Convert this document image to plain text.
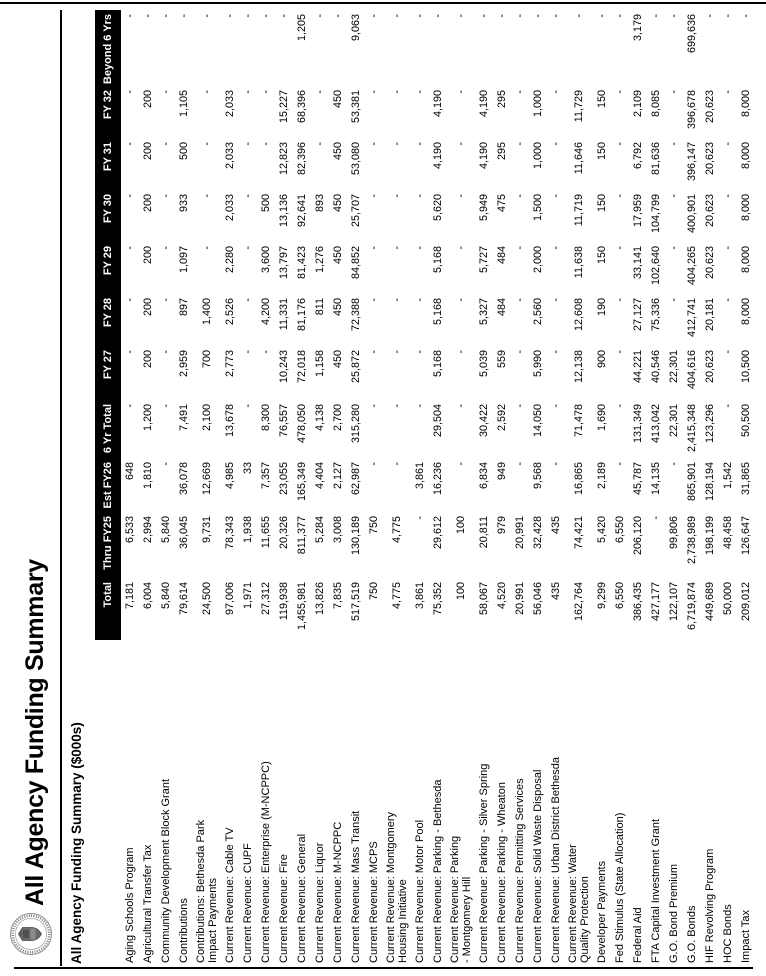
All Agency Funding Summary All Agency Funding Summary ($000s)
	Total	Thru FY25	Est FY26	6 Yr Total	FY 27	FY 28	FY 29	FY 30	FY 31	FY 32	Beyond 6 Yrs
Aging Schools Program	7,181	6,533	648	-	-	-	-	-	-	-	-
Agricultural Transfer Tax	6,004	2,994	1,810	1,200	200	200	200	200	200	200	-
Community Development Block Grant	5,840	5,840	-	-	-	-	-	-	-	-	-
Contributions	79,614	36,045	36,078	7,491	2,959	897	1,097	933	500	1,105	-
Contributions: Bethesda Park
Impact Payments	24,500	9,731	12,669	2,100	700	1,400	-	-	-	-	-
Current Revenue: Cable TV	97,006	78,343	4,985	13,678	2,773	2,526	2,280	2,033	2,033	2,033	-
Current Revenue: CUPF	1,971	1,938	33	-	-	-	-	-	-	-	-
Current Revenue: Enterprise (M-NCPPC)	27,312	11,655	7,357	8,300	-	4,200	3,600	500	-	-	-
Current Revenue: Fire	119,938	20,326	23,055	76,557	10,243	11,331	13,797	13,136	12,823	15,227	-
Current Revenue: General	1,455,981	811,377	165,349	478,050	72,018	81,176	81,423	92,641	82,396	68,396	1,205
Current Revenue: Liquor	13,826	5,284	4,404	4,138	1,158	811	1,276	893	-	-	-
Current Revenue: M-NCPPC	7,835	3,008	2,127	2,700	450	450	450	450	450	450	-
Current Revenue: Mass Transit	517,519	130,189	62,987	315,280	25,872	72,388	84,852	25,707	53,080	53,381	9,063
Current Revenue: MCPS	750	750	-	-	-	-	-	-	-	-	-
Current Revenue: Montgomery
Housing Initiative	4,775	4,775	-	-	-	-	-	-	-	-	-
Current Revenue: Motor Pool	3,861	-	3,861	-	-	-	-	-	-	-	-
Current Revenue: Parking - Bethesda	75,352	29,612	16,236	29,504	5,168	5,168	5,168	5,620	4,190	4,190	-
Current Revenue: Parking
- Montgomery Hill	100	100	-	-	-	-	-	-	-	-	-
Current Revenue: Parking - Silver Spring	58,067	20,811	6,834	30,422	5,039	5,327	5,727	5,949	4,190	4,190	-
Current Revenue: Parking - Wheaton	4,520	979	949	2,592	559	484	484	475	295	295	-
Current Revenue: Permitting Services	20,991	20,991	-	-	-	-	-	-	-	-	-
Current Revenue: Solid Waste Disposal	56,046	32,428	9,568	14,050	5,990	2,560	2,000	1,500	1,000	1,000	-
Current Revenue: Urban District Bethesda	435	435	-	-	-	-	-	-	-	-	-
Current Revenue: Water
Quality Protection	162,764	74,421	16,865	71,478	12,138	12,608	11,638	11,719	11,646	11,729	-
Developer Payments	9,299	5,420	2,189	1,690	900	190	150	150	150	150	-
Fed Stimulus (State Allocation)	6,550	6,550	-	-	-	-	-	-	-	-	-
Federal Aid	386,435	206,120	45,787	131,349	44,221	27,127	33,141	17,959	6,792	2,109	3,179
FTA Capital Investment Grant	427,177	-	14,135	413,042	40,546	75,336	102,640	104,799	81,636	8,085	-
G.O. Bond Premium	122,107	99,806	-	22,301	22,301	-	-	-	-	-	-
G.O. Bonds	6,719,874	2,738,989	865,901	2,415,348	404,616	412,741	404,265	400,901	396,147	396,678	699,636
HIF Revolving Program	449,689	198,199	128,194	123,296	20,623	20,181	20,623	20,623	20,623	20,623	-
HOC Bonds	50,000	48,458	1,542	-	-	-	-	-	-	-	-
Impact Tax	209,012	126,647	31,865	50,500	10,500	8,000	8,000	8,000	8,000	8,000	-
